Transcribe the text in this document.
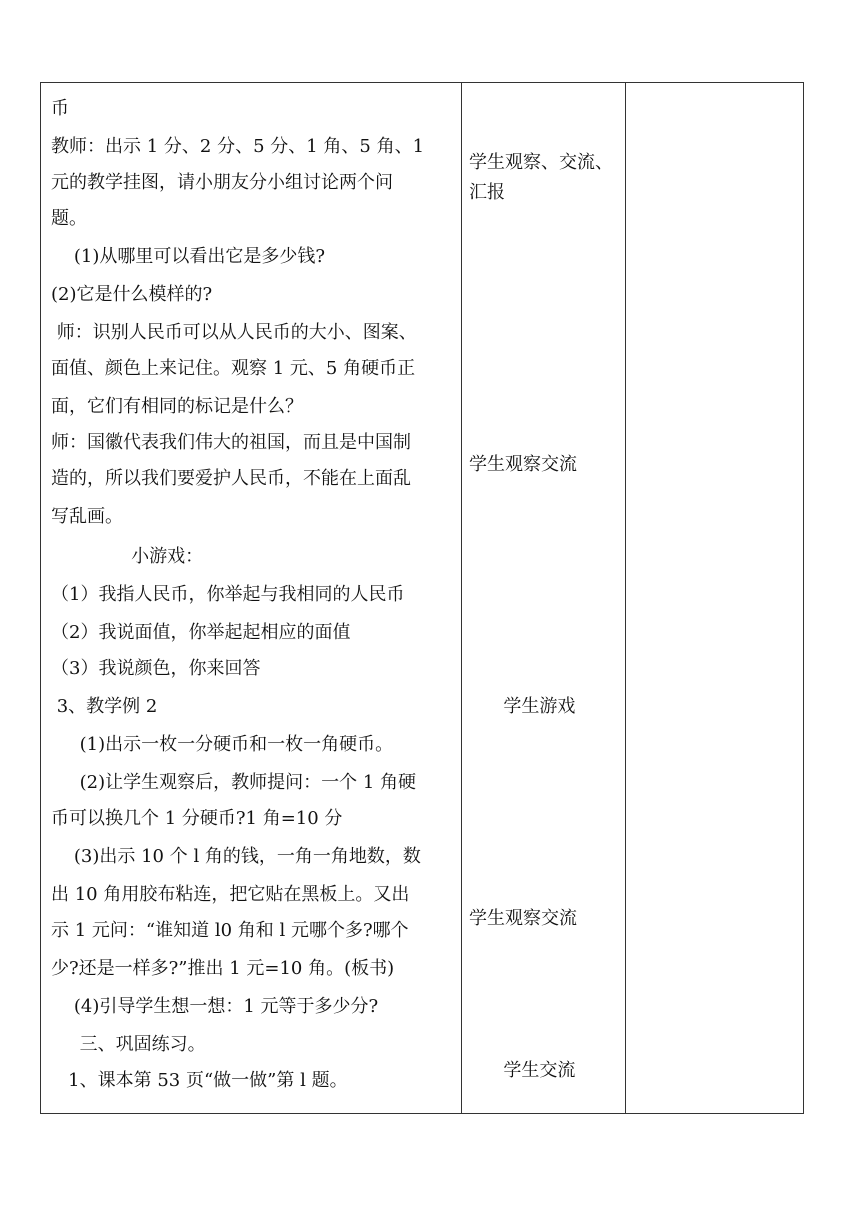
币
教师：出示 1 分、2 分、5 分、1 角、5 角、1
元的教学挂图，请小朋友分小组讨论两个问
题。
(1)从哪里可以看出它是多少钱?
(2)它是什么模样的?
师：识别人民币可以从人民币的大小、图案、
面值、颜色上来记住。观察 1 元、5 角硬币正
面，它们有相同的标记是什么？
师：国徽代表我们伟大的祖国，而且是中国制
造的，所以我们要爱护人民币，不能在上面乱
写乱画。
小游戏：
（1）我指人民币，你举起与我相同的人民币
（2）我说面值，你举起起相应的面值
（3）我说颜色，你来回答
3、教学例 2
(1)出示一枚一分硬币和一枚一角硬币。
(2)让学生观察后，教师提问：一个 1 角硬
币可以换几个 1 分硬币?1 角=10 分
(3)出示 10 个 l 角的钱，一角一角地数，数
出 10 角用胶布粘连，把它贴在黑板上。又出
示 1 元问：“谁知道 l0 角和 l 元哪个多?哪个
少?还是一样多?”推出 1 元=10 角。(板书)
(4)引导学生想一想：1 元等于多少分?
三、巩固练习。
1、课本第 53 页“做一做”第 l 题。
学生观察、交流、
汇报
学生观察交流
学生游戏
学生观察交流
学生交流
